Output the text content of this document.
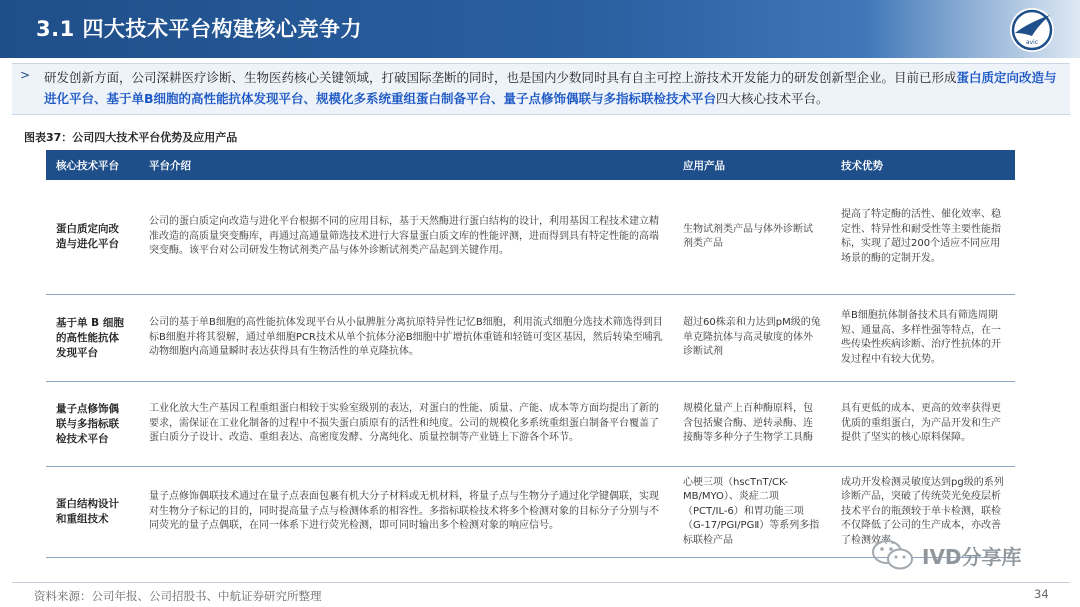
3.1 四大技术平台构建核心竞争力
avic
> 研发创新方面，公司深耕医疗诊断、生物医药核心关键领域，打破国际垄断的同时，也是国内少数同时具有自主可控上游技术开发能力的研发创新型企业。目前已形成蛋白质定向改造与进化平台、基于单B细胞的高性能抗体发现平台、规模化多系统重组蛋白制备平台、量子点修饰偶联与多指标联检技术平台四大核心技术平台。
图表37：公司四大技术平台优势及应用产品
核心技术平台	平台介绍	应用产品	技术优势
蛋白质定向改造与进化平台	公司的蛋白质定向改造与进化平台根据不同的应用目标，基于天然酶进行蛋白结构的设计，利用基因工程技术建立精准改造的高质量突变酶库，再通过高通量筛选技术进行大容量蛋白质文库的性能评测，进而得到具有特定性能的高端突变酶。该平台对公司研发生物试剂类产品与体外诊断试剂类产品起到关键作用。	生物试剂类产品与体外诊断试剂类产品	提高了特定酶的活性、催化效率、稳定性、特异性和耐受性等主要性能指标，实现了超过200个适应不同应用场景的酶的定制开发。
基于单 B 细胞的高性能抗体发现平台	公司的基于单B细胞的高性能抗体发现平台从小鼠脾脏分离抗原特异性记忆B细胞，利用流式细胞分选技术筛选得到目标B细胞并将其裂解，通过单细胞PCR技术从单个抗体分泌B细胞中扩增抗体重链和轻链可变区基因，然后转染至哺乳动物细胞内高通量瞬时表达获得具有生物活性的单克隆抗体。	超过60株亲和力达到pM级的兔单克隆抗体与高灵敏度的体外诊断试剂	单B细胞抗体制备技术具有筛选周期短、通量高、多样性强等特点，在一些传染性疾病诊断、治疗性抗体的开发过程中有较大优势。
量子点修饰偶联与多指标联检技术平台	工业化放大生产基因工程重组蛋白相较于实验室级别的表达，对蛋白的性能、质量、产能、成本等方面均提出了新的要求，需保证在工业化制备的过程中不损失蛋白质原有的活性和纯度。公司的规模化多系统重组蛋白制备平台覆盖了蛋白质分子设计、改造、重组表达、高密度发酵、分离纯化、质量控制等产业链上下游各个环节。	规模化量产上百种酶原料，包含包括聚合酶、逆转录酶、连接酶等多种分子生物学工具酶	具有更低的成本、更高的效率获得更优质的重组蛋白，为产品开发和生产提供了坚实的核心原料保障。
蛋白结构设计和重组技术	量子点修饰偶联技术通过在量子点表面包裹有机大分子材料或无机材料，将量子点与生物分子通过化学键偶联，实现对生物分子标记的目的，同时提高量子点与检测体系的相容性。多指标联检技术将多个检测对象的目标分子分别与不同荧光的量子点偶联，在同一体系下进行荧光检测，即可同时输出多个检测对象的响应信号。	心梗三项（hscTnT/CK-MB/MYO）、炎症二项（PCT/IL-6）和胃功能三项（G-17/PGⅠ/PGⅡ）等系列多指标联检产品	成功开发检测灵敏度达到pg级的系列诊断产品，突破了传统荧光免疫层析技术平台的瓶颈较于单卡检测，联检不仅降低了公司的生产成本，亦改善了检测效率。
IVD分享库
资料来源：公司年报、公司招股书、中航证券研究所整理	34
